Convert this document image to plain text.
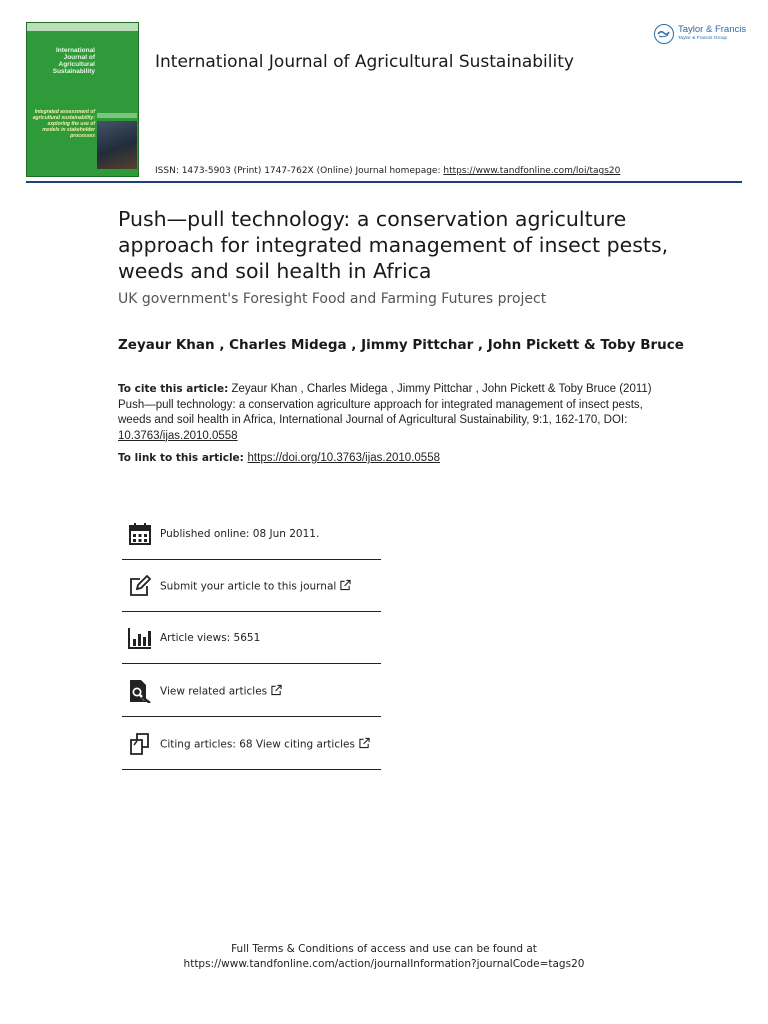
International Journal of Agricultural Sustainability
Integrated assessment of agricultural sustainability: exploring the use of models in stakeholder processes
International Journal of Agricultural Sustainability
ISSN: 1473-5903 (Print) 1747-762X (Online) Journal homepage: https://www.tandfonline.com/loi/tags20
Taylor & Francis
Taylor & Francis Group
Push—pull technology: a conservation agriculture approach for integrated management of insect pests, weeds and soil health in Africa
UK government's Foresight Food and Farming Futures project
Zeyaur Khan , Charles Midega , Jimmy Pittchar , John Pickett & Toby Bruce
To cite this article: Zeyaur Khan , Charles Midega , Jimmy Pittchar , John Pickett & Toby Bruce (2011) Push—pull technology: a conservation agriculture approach for integrated management of insect pests, weeds and soil health in Africa, International Journal of Agricultural Sustainability, 9:1, 162-170, DOI: 10.3763/ijas.2010.0558
To link to this article: https://doi.org/10.3763/ijas.2010.0558
Published online: 08 Jun 2011.
Submit your article to this journal
Article views: 5651
View related articles
Citing articles: 68 View citing articles
Full Terms & Conditions of access and use can be found at
https://www.tandfonline.com/action/journalInformation?journalCode=tags20
